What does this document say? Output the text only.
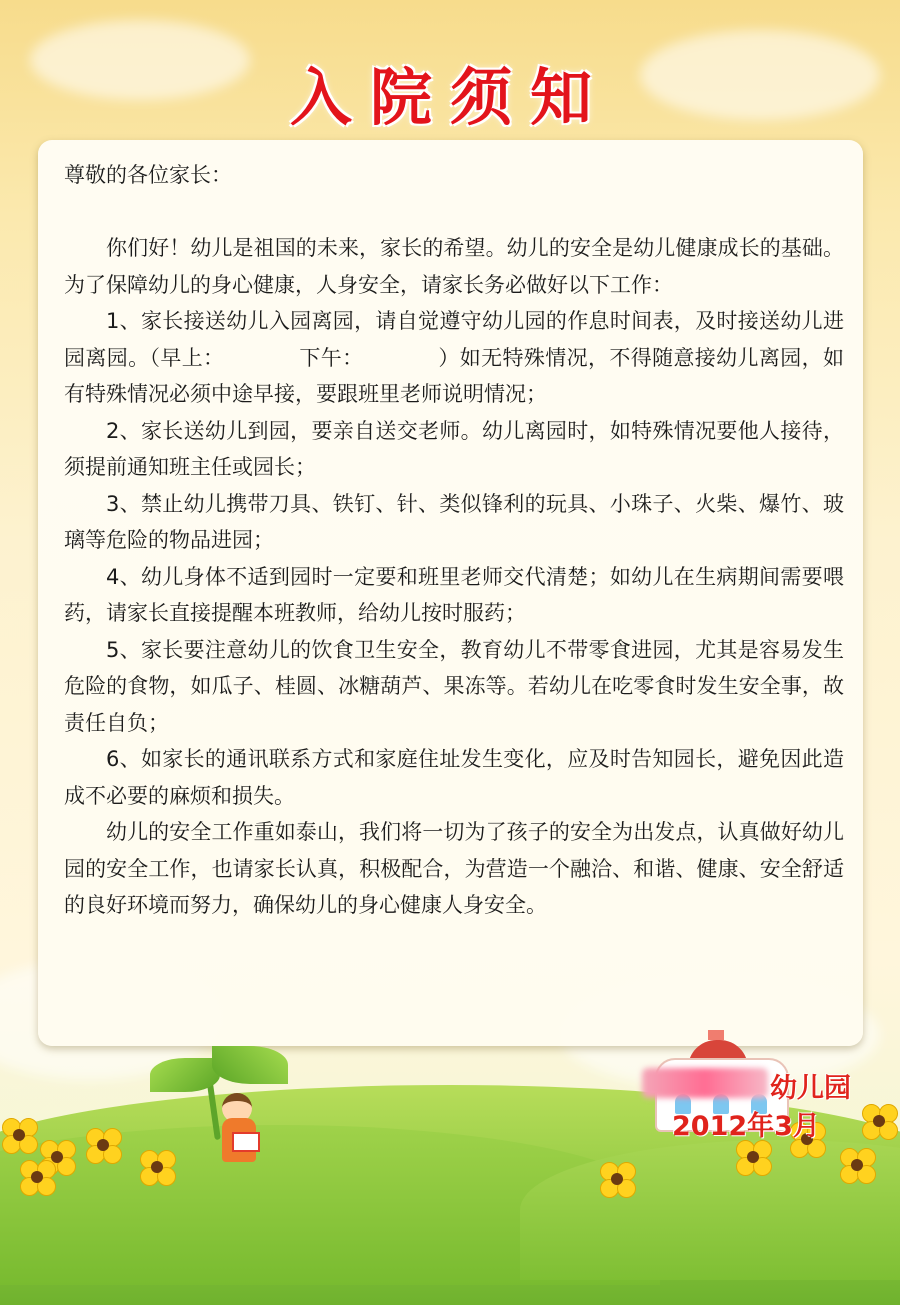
入院须知

尊敬的各位家长：

你们好！幼儿是祖国的未来，家长的希望。幼儿的安全是幼儿健康成长的基础。为了保障幼儿的身心健康，人身安全，请家长务必做好以下工作：

1、家长接送幼儿入园离园，请自觉遵守幼儿园的作息时间表，及时接送幼儿进园离园。（早上：　　　　下午：　　　　）如无特殊情况，不得随意接幼儿离园，如有特殊情况必须中途早接，要跟班里老师说明情况；

2、家长送幼儿到园，要亲自送交老师。幼儿离园时，如特殊情况要他人接待，须提前通知班主任或园长；

3、禁止幼儿携带刀具、铁钉、针、类似锋利的玩具、小珠子、火柴、爆竹、玻璃等危险的物品进园；

4、幼儿身体不适到园时一定要和班里老师交代清楚；如幼儿在生病期间需要喂药，请家长直接提醒本班教师，给幼儿按时服药；

5、家长要注意幼儿的饮食卫生安全，教育幼儿不带零食进园，尤其是容易发生危险的食物，如瓜子、桂圆、冰糖葫芦、果冻等。若幼儿在吃零食时发生安全事，故责任自负；

6、如家长的通讯联系方式和家庭住址发生变化，应及时告知园长，避免因此造成不必要的麻烦和损失。

幼儿的安全工作重如泰山，我们将一切为了孩子的安全为出发点，认真做好幼儿园的安全工作，也请家长认真，积极配合，为营造一个融洽、和谐、健康、安全舒适的良好环境而努力，确保幼儿的身心健康人身安全。

幼儿园
2012年3月
